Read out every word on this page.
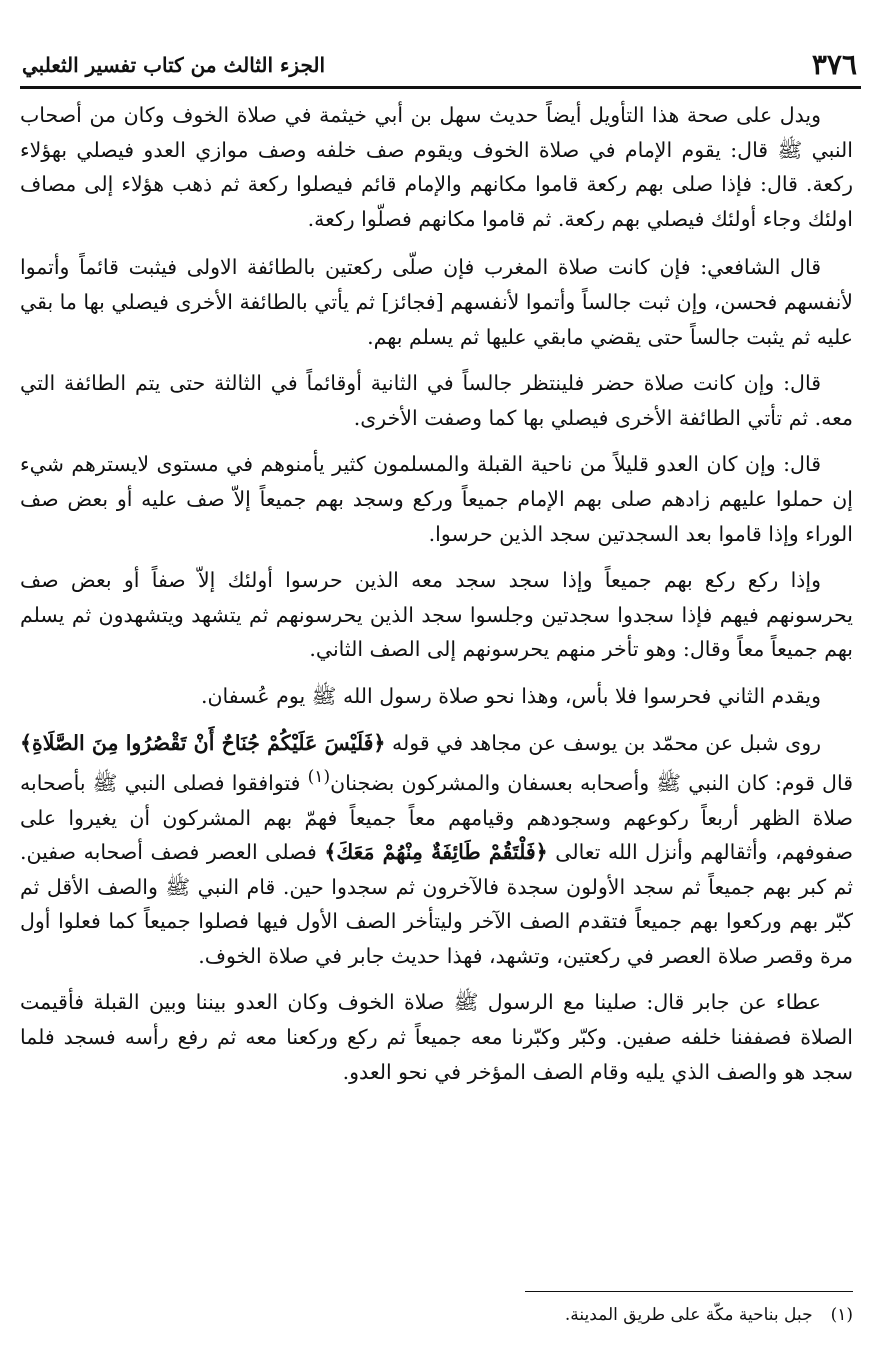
٣٧٦
الجزء الثالث من كتاب تفسير الثعلبي

ويدل على صحة هذا التأويل أيضاً حديث سهل بن أبي خيثمة في صلاة الخوف وكان من أصحاب النبي ﷺ قال: يقوم الإمام في صلاة الخوف ويقوم صف خلفه وصف موازي العدو فيصلي بهؤلاء ركعة. قال: فإذا صلى بهم ركعة قاموا مكانهم والإمام قائم فيصلوا ركعة ثم ذهب هؤلاء إلى مصاف اولئك وجاء أولئك فيصلي بهم ركعة. ثم قاموا مكانهم فصلّوا ركعة.

قال الشافعي: فإن كانت صلاة المغرب فإن صلّى ركعتين بالطائفة الاولى فيثبت قائماً وأتموا لأنفسهم فحسن، وإن ثبت جالساً وأتموا لأنفسهم [فجائز] ثم يأتي بالطائفة الأخرى فيصلي بها ما بقي عليه ثم يثبت جالساً حتى يقضي مابقي عليها ثم يسلم بهم.

قال: وإن كانت صلاة حضر فلينتظر جالساً في الثانية أوقائماً في الثالثة حتى يتم الطائفة التي معه. ثم تأتي الطائفة الأخرى فيصلي بها كما وصفت الأخرى.

قال: وإن كان العدو قليلاً من ناحية القبلة والمسلمون كثير يأمنوهم في مستوى لايسترهم شيء إن حملوا عليهم زادهم صلى بهم الإمام جميعاً وركع وسجد بهم جميعاً إلاّ صف عليه أو بعض صف الوراء وإذا قاموا بعد السجدتين سجد الذين حرسوا.

وإذا ركع ركع بهم جميعاً وإذا سجد سجد معه الذين حرسوا أولئك إلاّ صفاً أو بعض صف يحرسونهم فيهم فإذا سجدوا سجدتين وجلسوا سجد الذين يحرسونهم ثم يتشهد ويتشهدون ثم يسلم بهم جميعاً معاً وقال: وهو تأخر منهم يحرسونهم إلى الصف الثاني.

ويقدم الثاني فحرسوا فلا بأس، وهذا نحو صلاة رسول الله ﷺ يوم عُسفان.

روى شبل عن محمّد بن يوسف عن مجاهد في قوله ﴿فَلَيْسَ عَلَيْكُمْ جُنَاحٌ أَنْ تَقْصُرُوا مِنَ الصَّلَاةِ﴾ قال قوم: كان النبي ﷺ وأصحابه بعسفان والمشركون بضجنان$^{(١)}$ فتوافقوا فصلى النبي ﷺ بأصحابه صلاة الظهر أربعاً ركوعهم وسجودهم وقيامهم معاً جميعاً فهمّ بهم المشركون أن يغيروا على صفوفهم، وأثقالهم وأنزل الله تعالى ﴿فَلْتَقُمْ طَائِفَةٌ مِنْهُمْ مَعَكَ﴾ فصلى العصر فصف أصحابه صفين. ثم كبر بهم جميعاً ثم سجد الأولون سجدة فالآخرون ثم سجدوا حين. قام النبي ﷺ والصف الأقل ثم كبّر بهم وركعوا بهم جميعاً فتقدم الصف الآخر وليتأخر الصف الأول فيها فصلوا جميعاً كما فعلوا أول مرة وقصر صلاة العصر في ركعتين، وتشهد، فهذا حديث جابر في صلاة الخوف.

عطاء عن جابر قال: صلينا مع الرسول ﷺ صلاة الخوف وكان العدو بيننا وبين القبلة فأقيمت الصلاة فصففنا خلفه صفين. وكبّر وكبّرنا معه جميعاً ثم ركع وركعنا معه ثم رفع رأسه فسجد فلما سجد هو والصف الذي يليه وقام الصف المؤخر في نحو العدو.

(١)جبل بناحية مكّة على طريق المدينة.
